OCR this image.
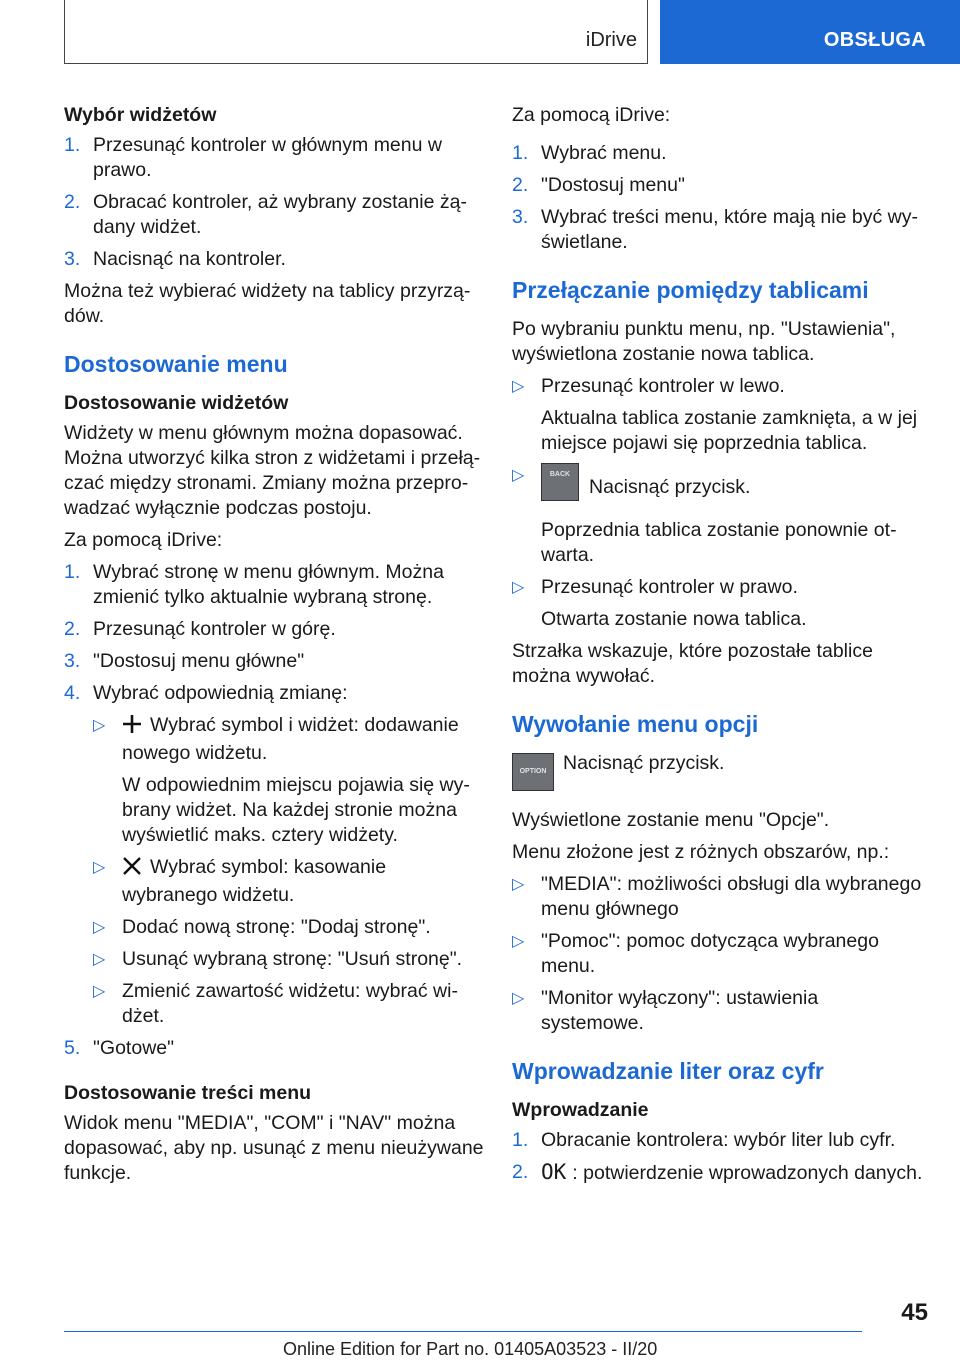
iDrive	OBSŁUGA
Wybór widżetów
1. Przesunąć kontroler w głównym menu w prawo.
2. Obracać kontroler, aż wybrany zostanie żądany widżet.
3. Nacisnąć na kontroler.

Można też wybierać widżety na tablicy przyrządów.

Dostosowanie menu
Dostosowanie widżetów

Widżety w menu głównym można dopasować. Można utworzyć kilka stron z widżetami i przełączać między stronami. Zmiany można przeprowadzać wyłącznie podczas postoju.

Za pomocą iDrive:

1. Wybrać stronę w menu głównym. Można zmienić tylko aktualnie wybraną stronę.
2. Przesunąć kontroler w górę.
3. "Dostosuj menu główne"
4. Wybrać odpowiednią zmianę:
▷ Wybrać symbol i widżet: dodawanie nowego widżetu.
W odpowiednim miejscu pojawia się wybrany widżet. Na każdej stronie można wyświetlić maks. cztery widżety.
▷ Wybrać symbol: kasowanie wybranego widżetu.
▷ Dodać nową stronę: "Dodaj stronę".
▷ Usunąć wybraną stronę: "Usuń stronę".
▷ Zmienić zawartość widżetu: wybrać widżet.
5. "Gotowe"
Dostosowanie treści menu

Widok menu "MEDIA", "COM" i "NAV" można dopasować, aby np. usunąć z menu nieużywane funkcje.

Za pomocą iDrive:

1. Wybrać menu.
2. "Dostosuj menu"
3. Wybrać treści menu, które mają nie być wyświetlane.
Przełączanie pomiędzy tablicami

Po wybraniu punktu menu, np. "Ustawienia", wyświetlona zostanie nowa tablica.

▷ Przesunąć kontroler w lewo.
Aktualna tablica zostanie zamknięta, a w jej miejsce pojawi się poprzednia tablica.
▷	BACKNacisnąć przycisk.
Poprzednia tablica zostanie ponownie otwarta.
▷ Przesunąć kontroler w prawo.
Otwarta zostanie nowa tablica.

Strzałka wskazuje, które pozostałe tablice można wywołać.

Wywołanie menu opcji
OPTION Nacisnąć przycisk.

Wyświetlone zostanie menu "Opcje".

Menu złożone jest z różnych obszarów, np.:

▷ "MEDIA": możliwości obsługi dla wybranego menu głównego
▷ "Pomoc": pomoc dotycząca wybranego menu.
▷ "Monitor wyłączony": ustawienia systemowe.
Wprowadzanie liter oraz cyfr
Wprowadzanie
1. Obracanie kontrolera: wybór liter lub cyfr.
2. OK : potwierdzenie wprowadzonych danych.
45
Online Edition for Part no. 01405A03523 - II/20
